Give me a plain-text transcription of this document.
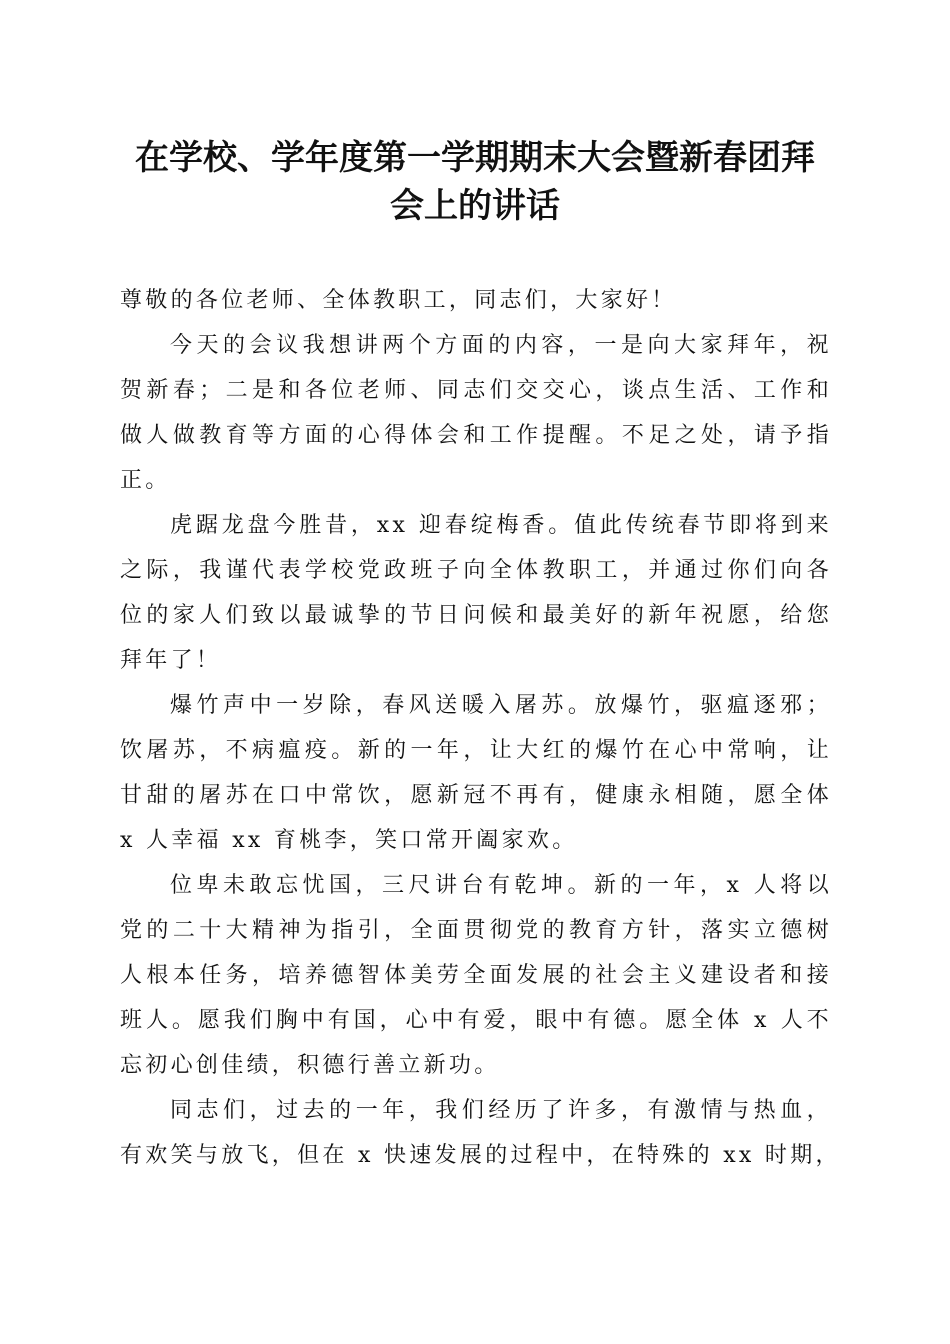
在学校、学年度第一学期期末大会暨新春团拜
会上的讲话
尊敬的各位老师、全体教职工，同志们，大家好！
今天的会议我想讲两个方面的内容，一是向大家拜年，祝
贺新春；二是和各位老师、同志们交交心，谈点生活、工作和
做人做教育等方面的心得体会和工作提醒。不足之处，请予指
正。
虎踞龙盘今胜昔，xx 迎春绽梅香。值此传统春节即将到来
之际，我谨代表学校党政班子向全体教职工，并通过你们向各
位的家人们致以最诚挚的节日问候和最美好的新年祝愿，给您
拜年了！
爆竹声中一岁除，春风送暖入屠苏。放爆竹，驱瘟逐邪；
饮屠苏，不病瘟疫。新的一年，让大红的爆竹在心中常响，让
甘甜的屠苏在口中常饮，愿新冠不再有，健康永相随，愿全体
x 人幸福 xx 育桃李，笑口常开阖家欢。
位卑未敢忘忧国，三尺讲台有乾坤。新的一年，x 人将以
党的二十大精神为指引，全面贯彻党的教育方针，落实立德树
人根本任务，培养德智体美劳全面发展的社会主义建设者和接
班人。愿我们胸中有国，心中有爱，眼中有德。愿全体 x 人不
忘初心创佳绩，积德行善立新功。
同志们，过去的一年，我们经历了许多，有激情与热血，
有欢笑与放飞，但在 x 快速发展的过程中，在特殊的 xx 时期，
